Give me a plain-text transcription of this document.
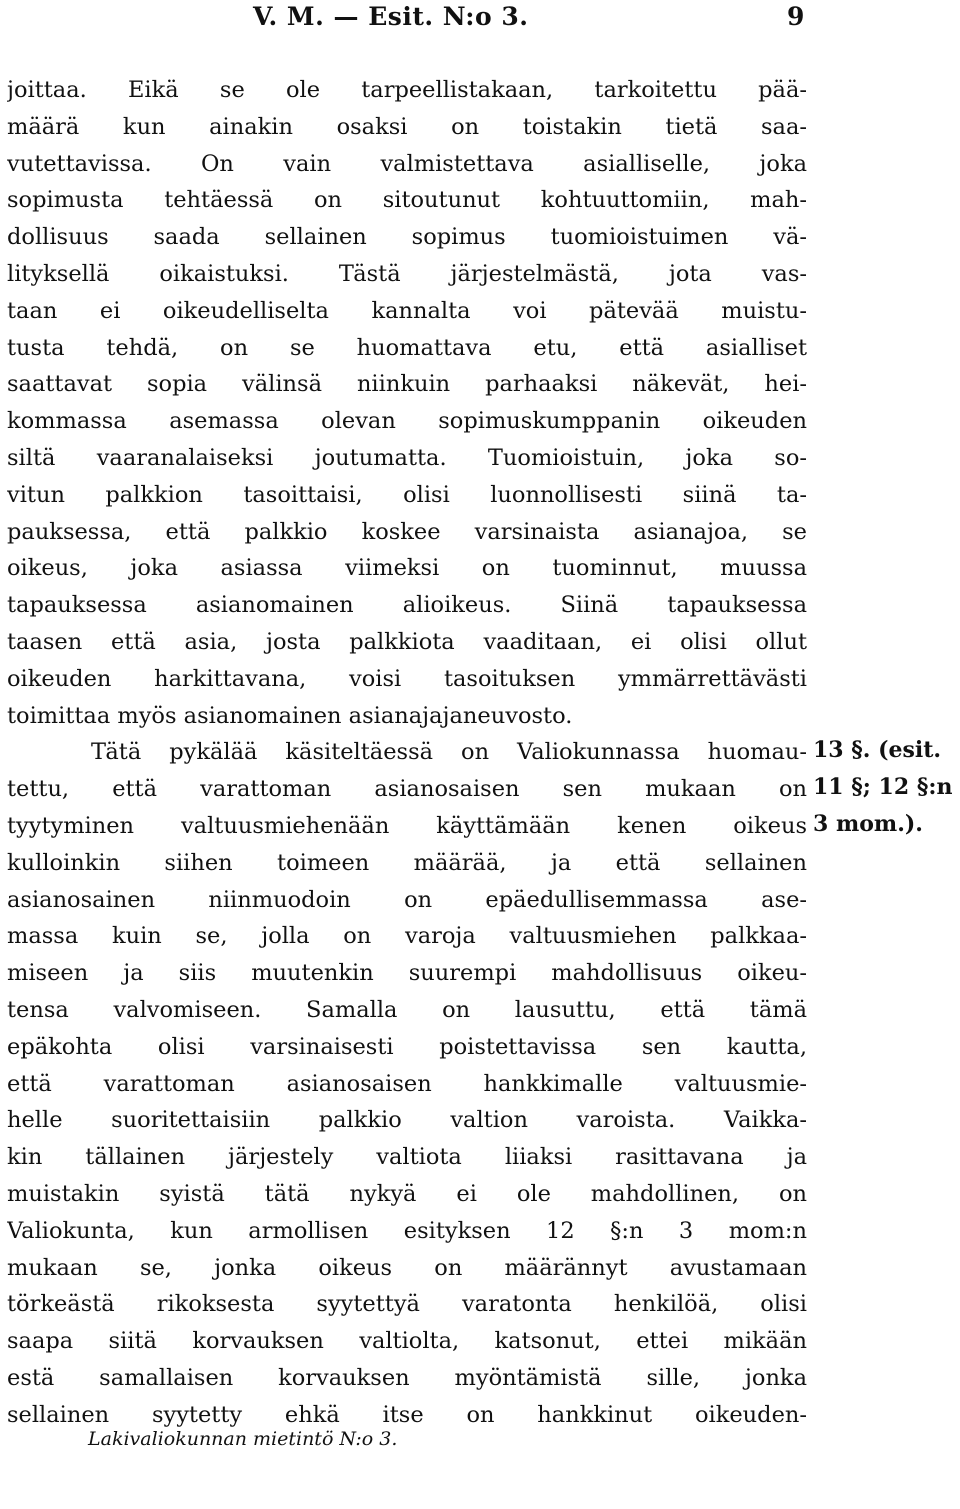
V. M. — Esit. N:o 3.	9
joittaa. Eikä se ole tarpeellistakaan, tarkoitettu pää-
määrä kun ainakin osaksi on toistakin tietä saa-
vutettavissa. On vain valmistettava asialliselle, joka
sopimusta tehtäessä on sitoutunut kohtuuttomiin, mah-
dollisuus saada sellainen sopimus tuomioistuimen vä-
lityksellä oikaistuksi. Tästä järjestelmästä, jota vas-
taan ei oikeudelliselta kannalta voi pätevää muistu-
tusta tehdä, on se huomattava etu, että asialliset
saattavat sopia välinsä niinkuin parhaaksi näkevät, hei-
kommassa asemassa olevan sopimuskumppanin oikeuden
siltä vaaranalaiseksi joutumatta. Tuomioistuin, joka so-
vitun palkkion tasoittaisi, olisi luonnollisesti siinä ta-
pauksessa, että palkkio koskee varsinaista asianajoa, se
oikeus, joka asiassa viimeksi on tuominnut, muussa
tapauksessa asianomainen alioikeus. Siinä tapauksessa
taasen että asia, josta palkkiota vaaditaan, ei olisi ollut
oikeuden harkittavana, voisi tasoituksen ymmärrettävästi
toimittaa myös asianomainen asianajajaneuvosto.
Tätä pykälää käsiteltäessä on Valiokunnassa huomau-
tettu, että varattoman asianosaisen sen mukaan on
tyytyminen valtuusmiehenään käyttämään kenen oikeus
kulloinkin siihen toimeen määrää, ja että sellainen
asianosainen niinmuodoin on epäedullisemmassa ase-
massa kuin se, jolla on varoja valtuusmiehen palkkaa-
miseen ja siis muutenkin suurempi mahdollisuus oikeu-
tensa valvomiseen. Samalla on lausuttu, että tämä
epäkohta olisi varsinaisesti poistettavissa sen kautta,
että varattoman asianosaisen hankkimalle valtuusmie-
helle suoritettaisiin palkkio valtion varoista. Vaikka-
kin tällainen järjestely valtiota liiaksi rasittavana ja
muistakin syistä tätä nykyä ei ole mahdollinen, on
Valiokunta, kun armollisen esityksen 12 §:n 3 mom:n
mukaan se, jonka oikeus on määrännyt avustamaan
törkeästä rikoksesta syytettyä varatonta henkilöä, olisi
saapa siitä korvauksen valtiolta, katsonut, ettei mikään
estä samallaisen korvauksen myöntämistä sille, jonka
sellainen syytetty ehkä itse on hankkinut oikeuden-
13 §. (esit.
11 §; 12 §:n
3 mom.).
Lakivaliokunnan mietintö N:o 3.
